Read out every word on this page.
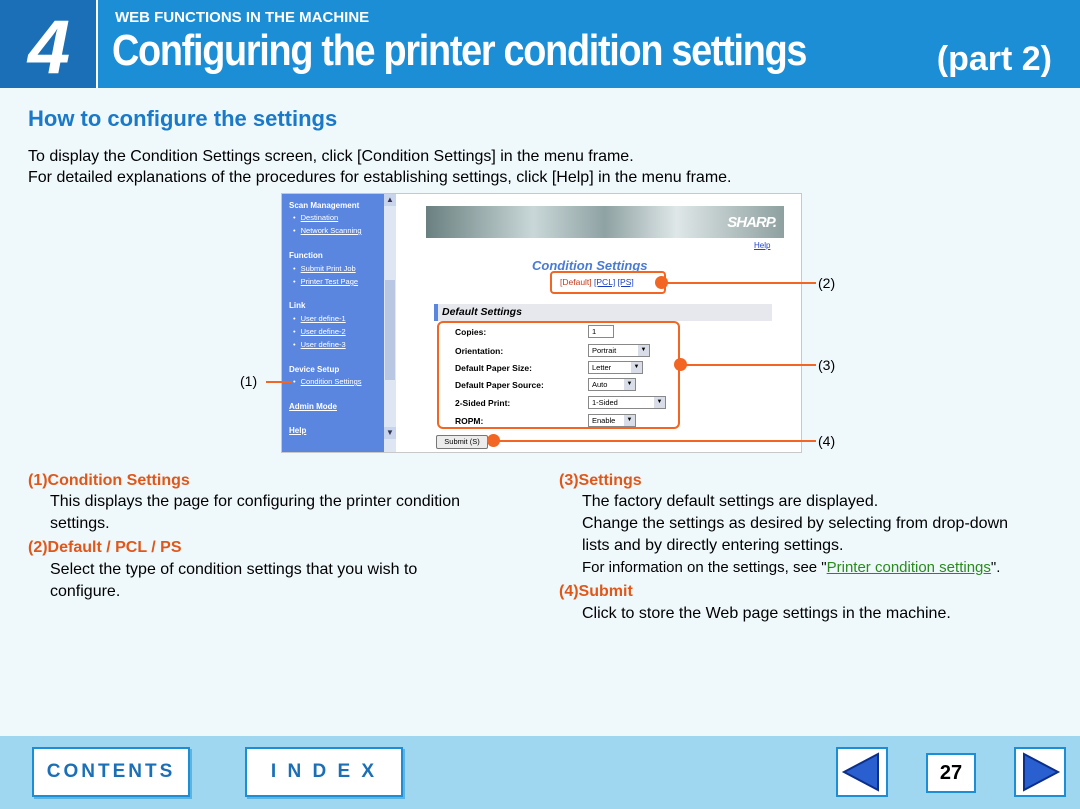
4	WEB FUNCTIONS IN THE MACHINE
Configuring the printer condition settings	(part 2)
How to configure the settings
To display the Condition Settings screen, click [Condition Settings] in the menu frame.
For detailed explanations of the procedures for establishing settings, click [Help] in the menu frame.
▲
▼
Scan Management
• Destination
• Network Scanning
Function
• Submit Print Job
• Printer Test Page
Link
• User define-1
• User define-2
• User define-3
Device Setup
• Condition Settings
Admin Mode
Help
SHARP.
Help
Condition Settings
[Default] [PCL] [PS]
Default Settings
Copies:	1
Orientation:	Portrait	▼
Default Paper Size:	Letter	▼
Default Paper Source:	Auto	▼
2-Sided Print:	1-Sided	▼
ROPM:	Enable	▼
Submit (S)
(1)
(2)
(3)
(4)
(1)Condition Settings
This displays the page for configuring the printer condition
settings.
(2)Default / PCL / PS
Select the type of condition settings that you wish to
configure.
(3)Settings
The factory default settings are displayed.
Change the settings as desired by selecting from drop-down
lists and by directly entering settings.
For information on the settings, see "Printer condition settings".
(4)Submit
Click to store the Web page settings in the machine.
CONTENTS	I N D E X	27
